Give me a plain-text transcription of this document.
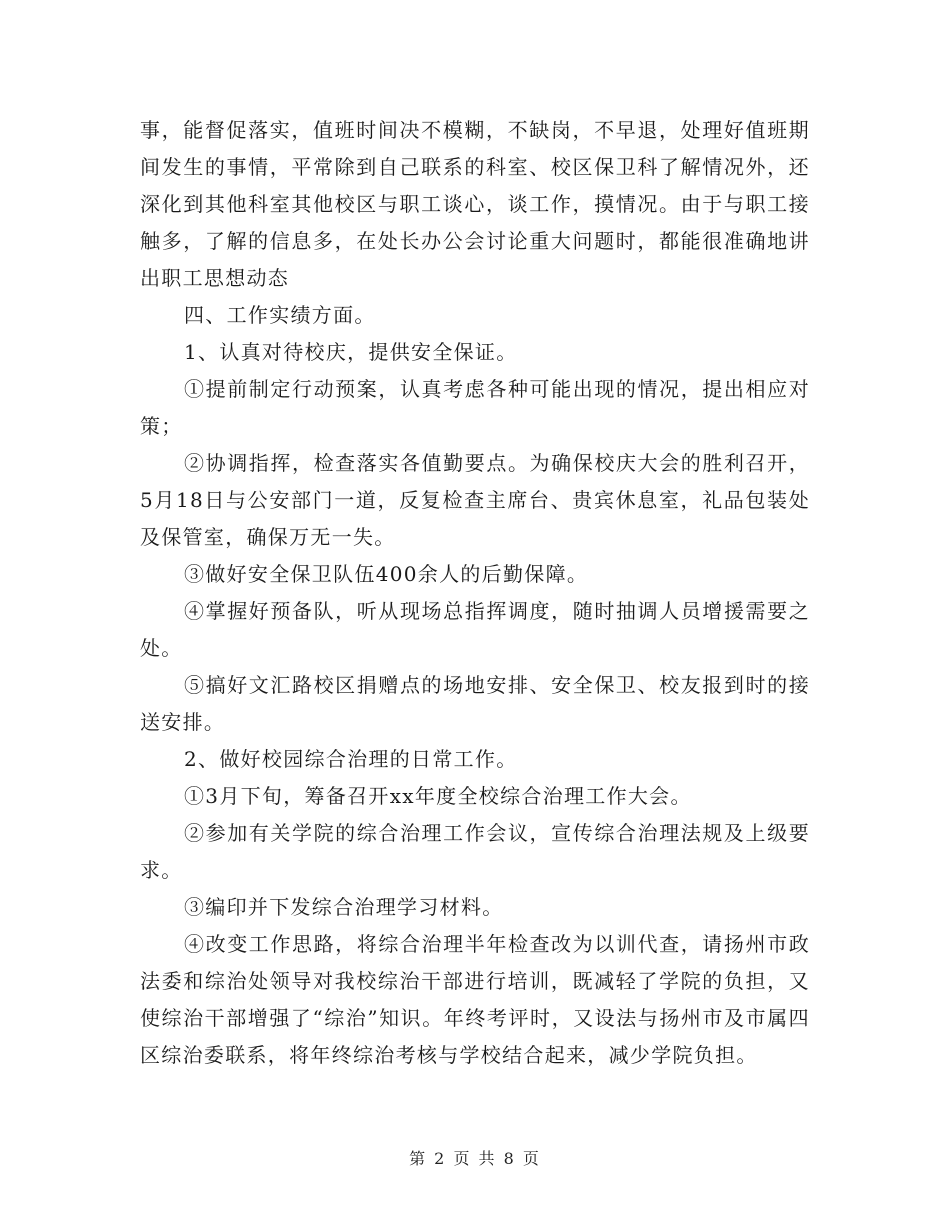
事，能督促落实，值班时间决不模糊，不缺岗，不早退，处理好值班期间发生的事情，平常除到自己联系的科室、校区保卫科了解情况外，还深化到其他科室其他校区与职工谈心，谈工作，摸情况。由于与职工接触多，了解的信息多，在处长办公会讨论重大问题时，都能很准确地讲出职工思想动态

四、工作实绩方面。

1、认真对待校庆，提供安全保证。

①提前制定行动预案，认真考虑各种可能出现的情况，提出相应对策；

②协调指挥，检查落实各值勤要点。为确保校庆大会的胜利召开，5月18日与公安部门一道，反复检查主席台、贵宾休息室，礼品包装处及保管室，确保万无一失。

③做好安全保卫队伍400余人的后勤保障。

④掌握好预备队，听从现场总指挥调度，随时抽调人员增援需要之处。

⑤搞好文汇路校区捐赠点的场地安排、安全保卫、校友报到时的接送安排。

2、做好校园综合治理的日常工作。

①3月下旬，筹备召开xx年度全校综合治理工作大会。

②参加有关学院的综合治理工作会议，宣传综合治理法规及上级要求。

③编印并下发综合治理学习材料。

④改变工作思路，将综合治理半年检查改为以训代查，请扬州市政法委和综治处领导对我校综治干部进行培训，既减轻了学院的负担，又使综治干部增强了“综治”知识。年终考评时，又设法与扬州市及市属四区综治委联系，将年终综治考核与学校结合起来，减少学院负担。

第 2 页 共 8 页
